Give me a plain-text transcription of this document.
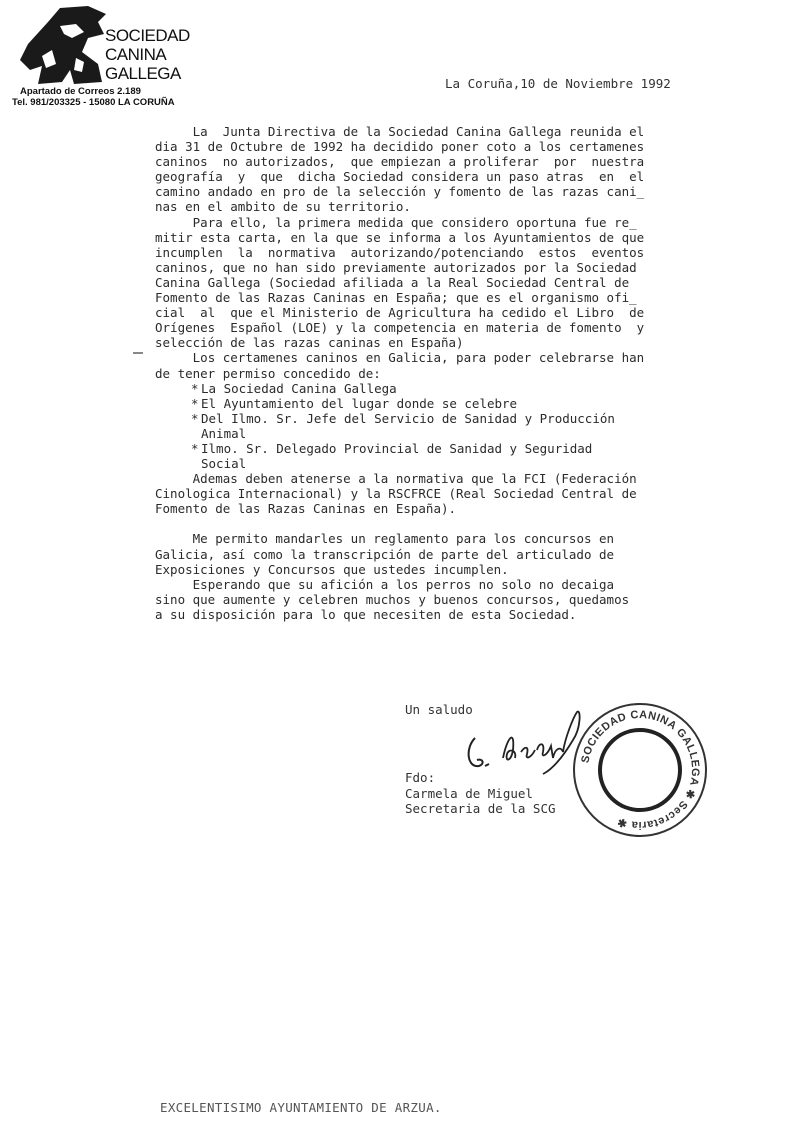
SOCIEDAD
CANINA
GALLEGA
Apartado de Correos 2.189
Tel. 981/203325 - 15080 LA CORUÑA
La Coruña,10 de Noviembre 1992

La  Junta Directiva de la Sociedad Canina Gallega reunida el
dia 31 de Octubre de 1992 ha decidido poner coto a los certamenes
caninos  no autorizados,  que empiezan a proliferar  por  nuestra
geografía  y  que  dicha Sociedad considera un paso atras  en  el
camino andado en pro de la selección y fomento de las razas cani_
nas en el ambito de su territorio.

Para ello, la primera medida que considero oportuna fue re_
mitir esta carta, en la que se informa a los Ayuntamientos de que
incumplen  la  normativa  autorizando/potenciando  estos  eventos
caninos, que no han sido previamente autorizados por la Sociedad
Canina Gallega (Sociedad afiliada a la Real Sociedad Central de
Fomento de las Razas Caninas en España; que es el organismo ofi_
cial  al  que el Ministerio de Agricultura ha cedido el Libro  de
Orígenes  Español (LOE) y la competencia en materia de fomento  y
selección de las razas caninas en España)

Los certamenes caninos en Galicia, para poder celebrarse han
de tener permiso concedido de:

* La Sociedad Canina Gallega
* El Ayuntamiento del lugar donde se celebre
* Del Ilmo. Sr. Jefe del Servicio de Sanidad y Producción
Animal
* Ilmo. Sr. Delegado Provincial de Sanidad y Seguridad
Social

Ademas deben atenerse a la normativa que la FCI (Federación
Cinologica Internacional) y la RSCFRCE (Real Sociedad Central de
Fomento de las Razas Caninas en España).

Me permito mandarles un reglamento para los concursos en
Galicia, así como la transcripción de parte del articulado de
Exposiciones y Concursos que ustedes incumplen.

Esperando que su afición a los perros no solo no decaiga
sino que aumente y celebren muchos y buenos concursos, quedamos
a su disposición para lo que necesiten de esta Sociedad.

Un saludo
Fdo:
Carmela de Miguel
Secretaria de la SCG
SOCIEDAD CANINA GALLEGA ✱ Secretaria ✱
EXCELENTISIMO AYUNTAMIENTO DE ARZUA.
